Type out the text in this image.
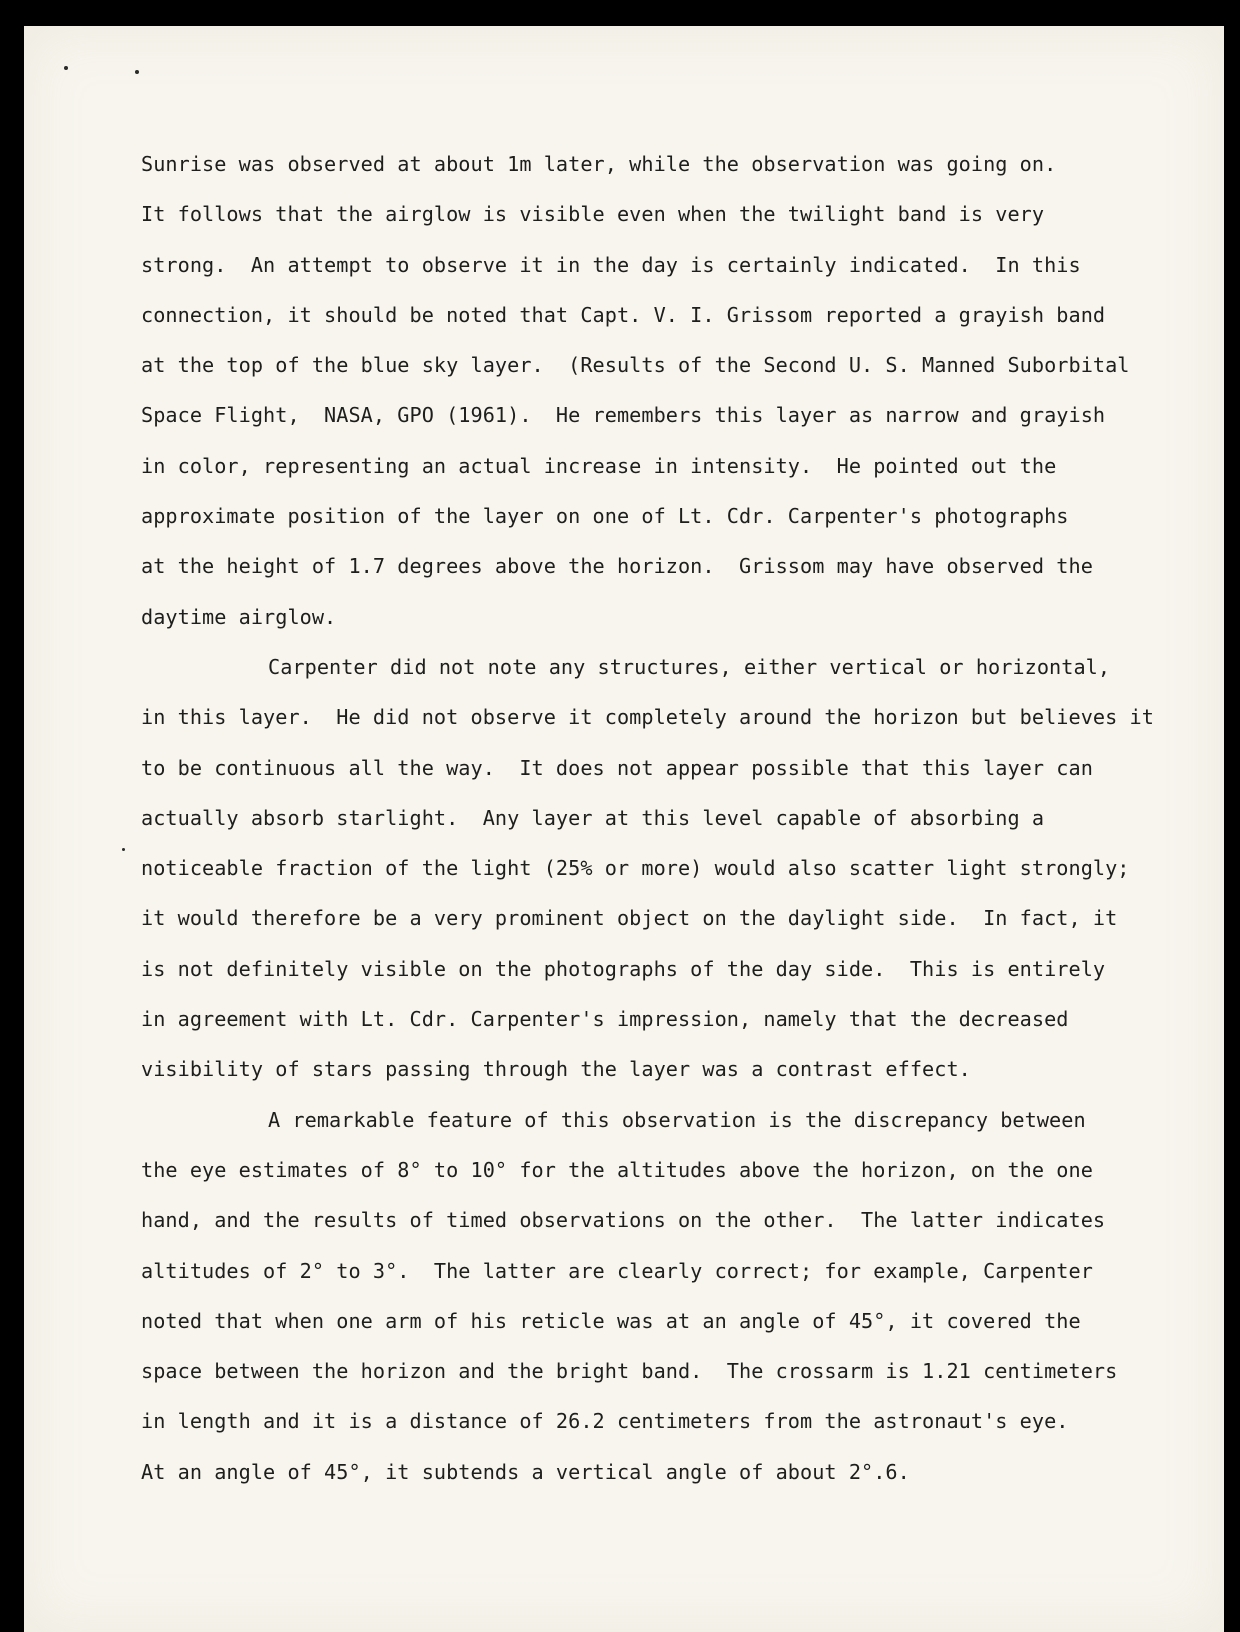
Sunrise was observed at about 1m later, while the observation was going on.
It follows that the airglow is visible even when the twilight band is very
strong.  An attempt to observe it in the day is certainly indicated.  In this
connection, it should be noted that Capt. V. I. Grissom reported a grayish band
at the top of the blue sky layer.  (Results of the Second U. S. Manned Suborbital
Space Flight,  NASA, GPO (1961).  He remembers this layer as narrow and grayish
in color, representing an actual increase in intensity.  He pointed out the
approximate position of the layer on one of Lt. Cdr. Carpenter's photographs
at the height of 1.7 degrees above the horizon.  Grissom may have observed the
daytime airglow.
Carpenter did not note any structures, either vertical or horizontal,
in this layer.  He did not observe it completely around the horizon but believes it
to be continuous all the way.  It does not appear possible that this layer can
actually absorb starlight.  Any layer at this level capable of absorbing a
noticeable fraction of the light (25% or more) would also scatter light strongly;
it would therefore be a very prominent object on the daylight side.  In fact, it
is not definitely visible on the photographs of the day side.  This is entirely
in agreement with Lt. Cdr. Carpenter's impression, namely that the decreased
visibility of stars passing through the layer was a contrast effect.
A remarkable feature of this observation is the discrepancy between
the eye estimates of 8° to 10° for the altitudes above the horizon, on the one
hand, and the results of timed observations on the other.  The latter indicates
altitudes of 2° to 3°.  The latter are clearly correct; for example, Carpenter
noted that when one arm of his reticle was at an angle of 45°, it covered the
space between the horizon and the bright band.  The crossarm is 1.21 centimeters
in length and it is a distance of 26.2 centimeters from the astronaut's eye.
At an angle of 45°, it subtends a vertical angle of about 2°.6.
